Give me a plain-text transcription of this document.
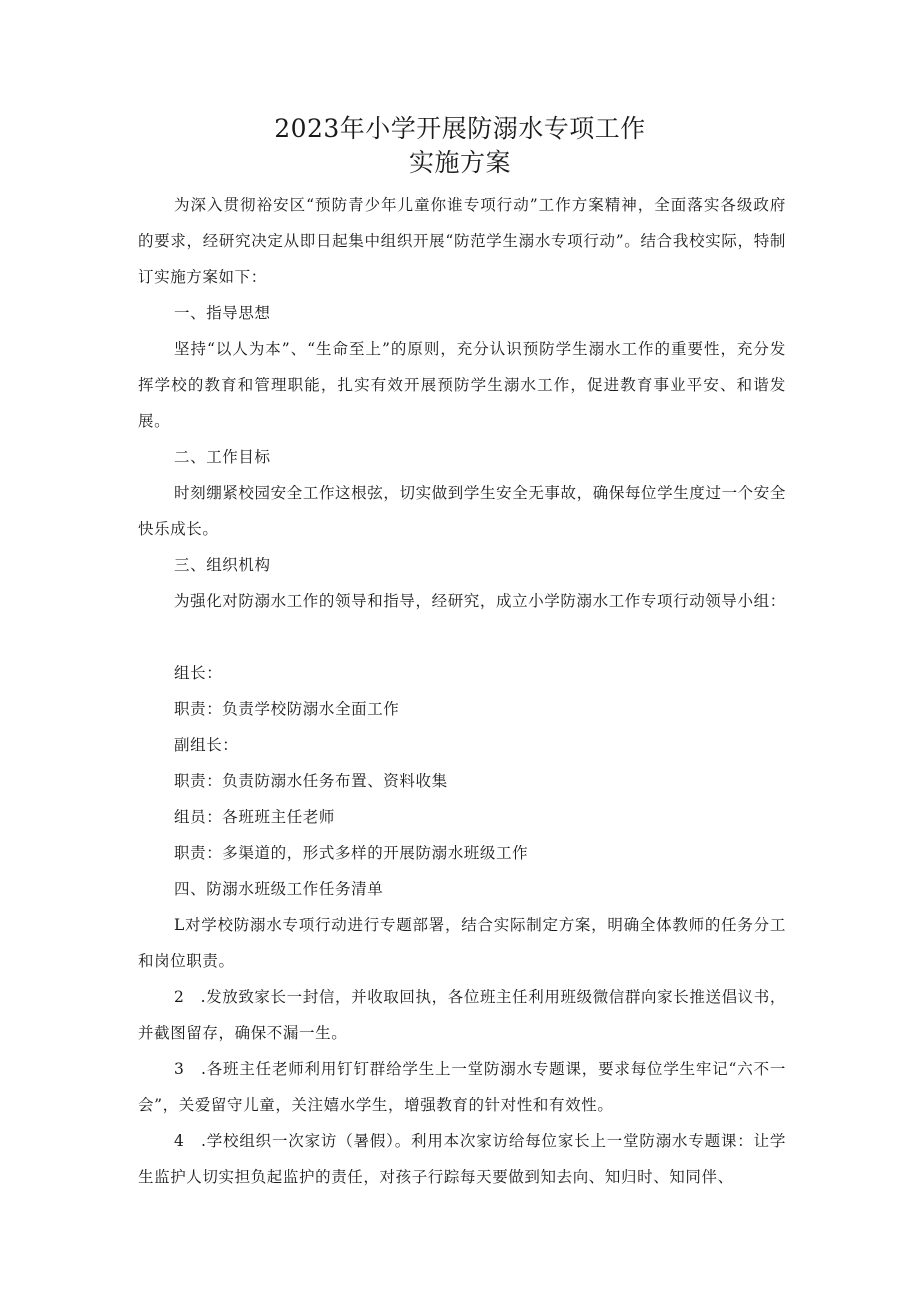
2023年小学开展防溺水专项工作
实施方案

为深入贯彻裕安区“预防青少年儿童你谁专项行动”工作方案精神，全面落实各级政府的要求，经研究决定从即日起集中组织开展“防范学生溺水专项行动”。结合我校实际，特制订实施方案如下：

一、指导思想

坚持“以人为本”、“生命至上”的原则，充分认识预防学生溺水工作的重要性，充分发挥学校的教育和管理职能，扎实有效开展预防学生溺水工作，促进教育事业平安、和谐发展。

二、工作目标

时刻绷紧校园安全工作这根弦，切实做到学生安全无事故，确保每位学生度过一个安全快乐成长。

三、组织机构

为强化对防溺水工作的领导和指导，经研究，成立小学防溺水工作专项行动领导小组：

组长：

职责：负责学校防溺水全面工作

副组长：

职责：负责防溺水任务布置、资料收集

组员：各班班主任老师

职责：多渠道的，形式多样的开展防溺水班级工作

四、防溺水班级工作任务清单

L对学校防溺水专项行动进行专题部署，结合实际制定方案，明确全体教师的任务分工和岗位职责。

2　.发放致家长一封信，并收取回执，各位班主任利用班级微信群向家长推送倡议书，并截图留存，确保不漏一生。

3　.各班主任老师利用钉钉群给学生上一堂防溺水专题课，要求每位学生牢记“六不一会”，关爱留守儿童，关注嬉水学生，增强教育的针对性和有效性。

4　.学校组织一次家访（暑假）。利用本次家访给每位家长上一堂防溺水专题课：让学生监护人切实担负起监护的责任，对孩子行踪每天要做到知去向、知归时、知同伴、
